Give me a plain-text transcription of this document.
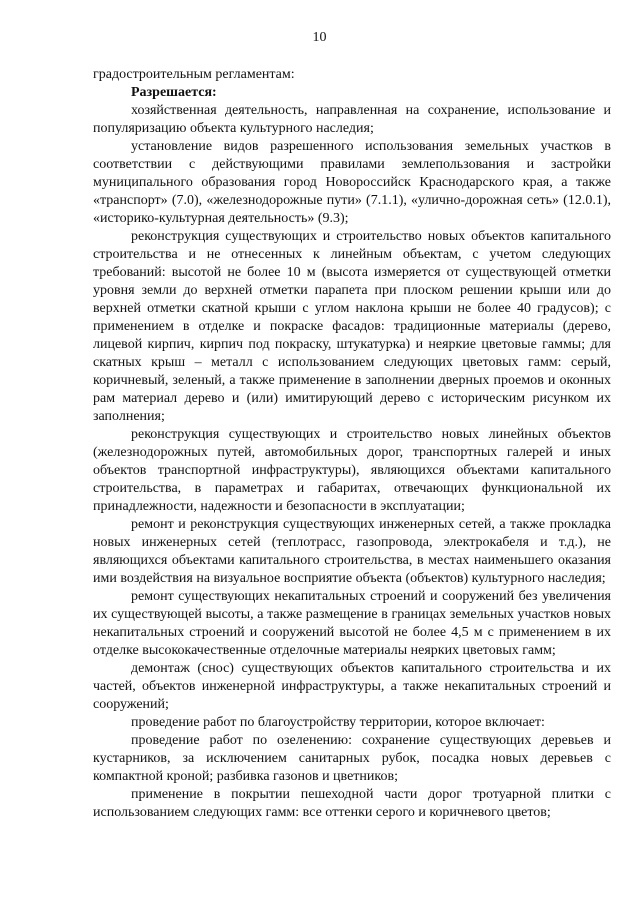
10

градостроительным регламентам:

Разрешается:

хозяйственная деятельность, направленная на сохранение, использование и популяризацию объекта культурного наследия;

установление видов разрешенного использования земельных участков в соответствии с действующими правилами землепользования и застройки муниципального образования город Новороссийск Краснодарского края, а также «транспорт» (7.0), «железнодорожные пути» (7.1.1), «улично-дорожная сеть» (12.0.1), «историко-культурная деятельность» (9.3);

реконструкция существующих и строительство новых объектов капитального строительства и не отнесенных к линейным объектам, с учетом следующих требований: высотой не более 10 м (высота измеряется от существующей отметки уровня земли до верхней отметки парапета при плоском решении крыши или до верхней отметки скатной крыши с углом наклона крыши не более 40 градусов); с применением в отделке и покраске фасадов: традиционные материалы (дерево, лицевой кирпич, кирпич под покраску, штукатурка) и неяркие цветовые гаммы; для скатных крыш – металл с использованием следующих цветовых гамм: серый, коричневый, зеленый, а также применение в заполнении дверных проемов и оконных рам материал дерево и (или) имитирующий дерево с историческим рисунком их заполнения;

реконструкция существующих и строительство новых линейных объектов (железнодорожных путей, автомобильных дорог, транспортных галерей и иных объектов транспортной инфраструктуры), являющихся объектами капитального строительства, в параметрах и габаритах, отвечающих функциональной их принадлежности, надежности и безопасности в эксплуатации;

ремонт и реконструкция существующих инженерных сетей, а также прокладка новых инженерных сетей (теплотрасс, газопровода, электрокабеля и т.д.), не являющихся объектами капитального строительства, в местах наименьшего оказания ими воздействия на визуальное восприятие объекта (объектов) культурного наследия;

ремонт существующих некапитальных строений и сооружений без увеличения их существующей высоты, а также размещение в границах земельных участков новых некапитальных строений и сооружений высотой не более 4,5 м с применением в их отделке высококачественные отделочные материалы неярких цветовых гамм;

демонтаж (снос) существующих объектов капитального строительства и их частей, объектов инженерной инфраструктуры, а также некапитальных строений и сооружений;

проведение работ по благоустройству территории, которое включает:

проведение работ по озеленению: сохранение существующих деревьев и кустарников, за исключением санитарных рубок, посадка новых деревьев с компактной кроной; разбивка газонов и цветников;

применение в покрытии пешеходной части дорог тротуарной плитки с использованием следующих гамм: все оттенки серого и коричневого цветов;
